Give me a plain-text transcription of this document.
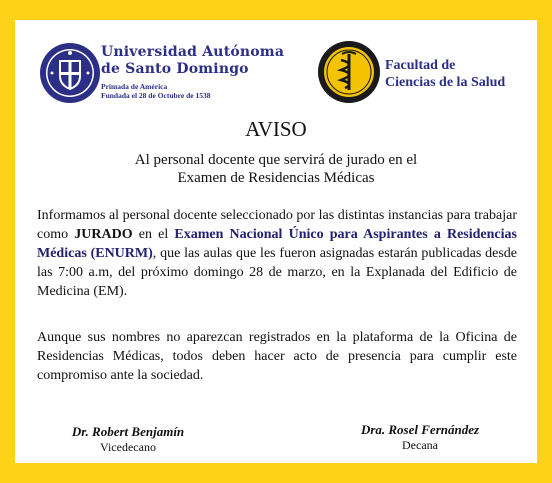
Universidad Autónoma
de Santo Domingo
Primada de América
Fundada el 28 de Octubre de 1538
Facultad de
Ciencias de la Salud
AVISO
Al personal docente que servirá de jurado en el
Examen de Residencias Médicas
Informamos al personal docente seleccionado por las distintas instancias para trabajar como JURADO en el Examen Nacional Único para Aspirantes a Residencias Médicas (ENURM), que las aulas que les fueron asignadas estarán publicadas desde las 7:00 a.m, del próximo domingo 28 de marzo, en la Explanada del Edificio de Medicina (EM).
Aunque sus nombres no aparezcan registrados en la plataforma de la Oficina de Residencias Médicas, todos deben hacer acto de presencia para cumplir este compromiso ante la sociedad.
Dr. Robert Benjamín
Vicedecano
Dra. Rosel Fernández
Decana
